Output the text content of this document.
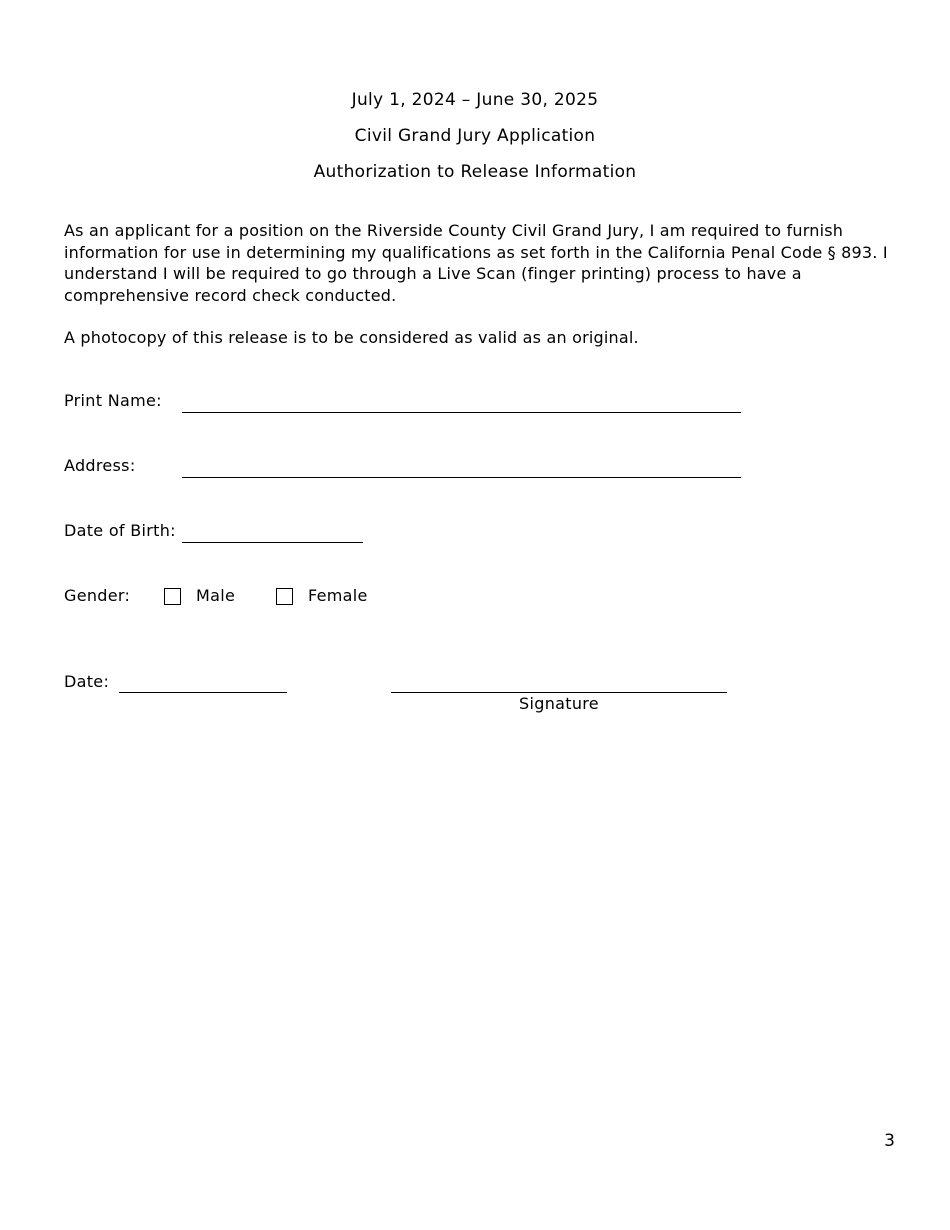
July 1, 2024 – June 30, 2025
Civil Grand Jury Application
Authorization to Release Information
As an applicant for a position on the Riverside County Civil Grand Jury, I am required to furnish information for use in determining my qualifications as set forth in the California Penal Code § 893. I understand I will be required to go through a Live Scan (finger printing) process to have a comprehensive record check conducted.
A photocopy of this release is to be considered as valid as an original.
Print Name:
Address:
Date of Birth:
Gender:	Male	Female
Date:
Signature
3
